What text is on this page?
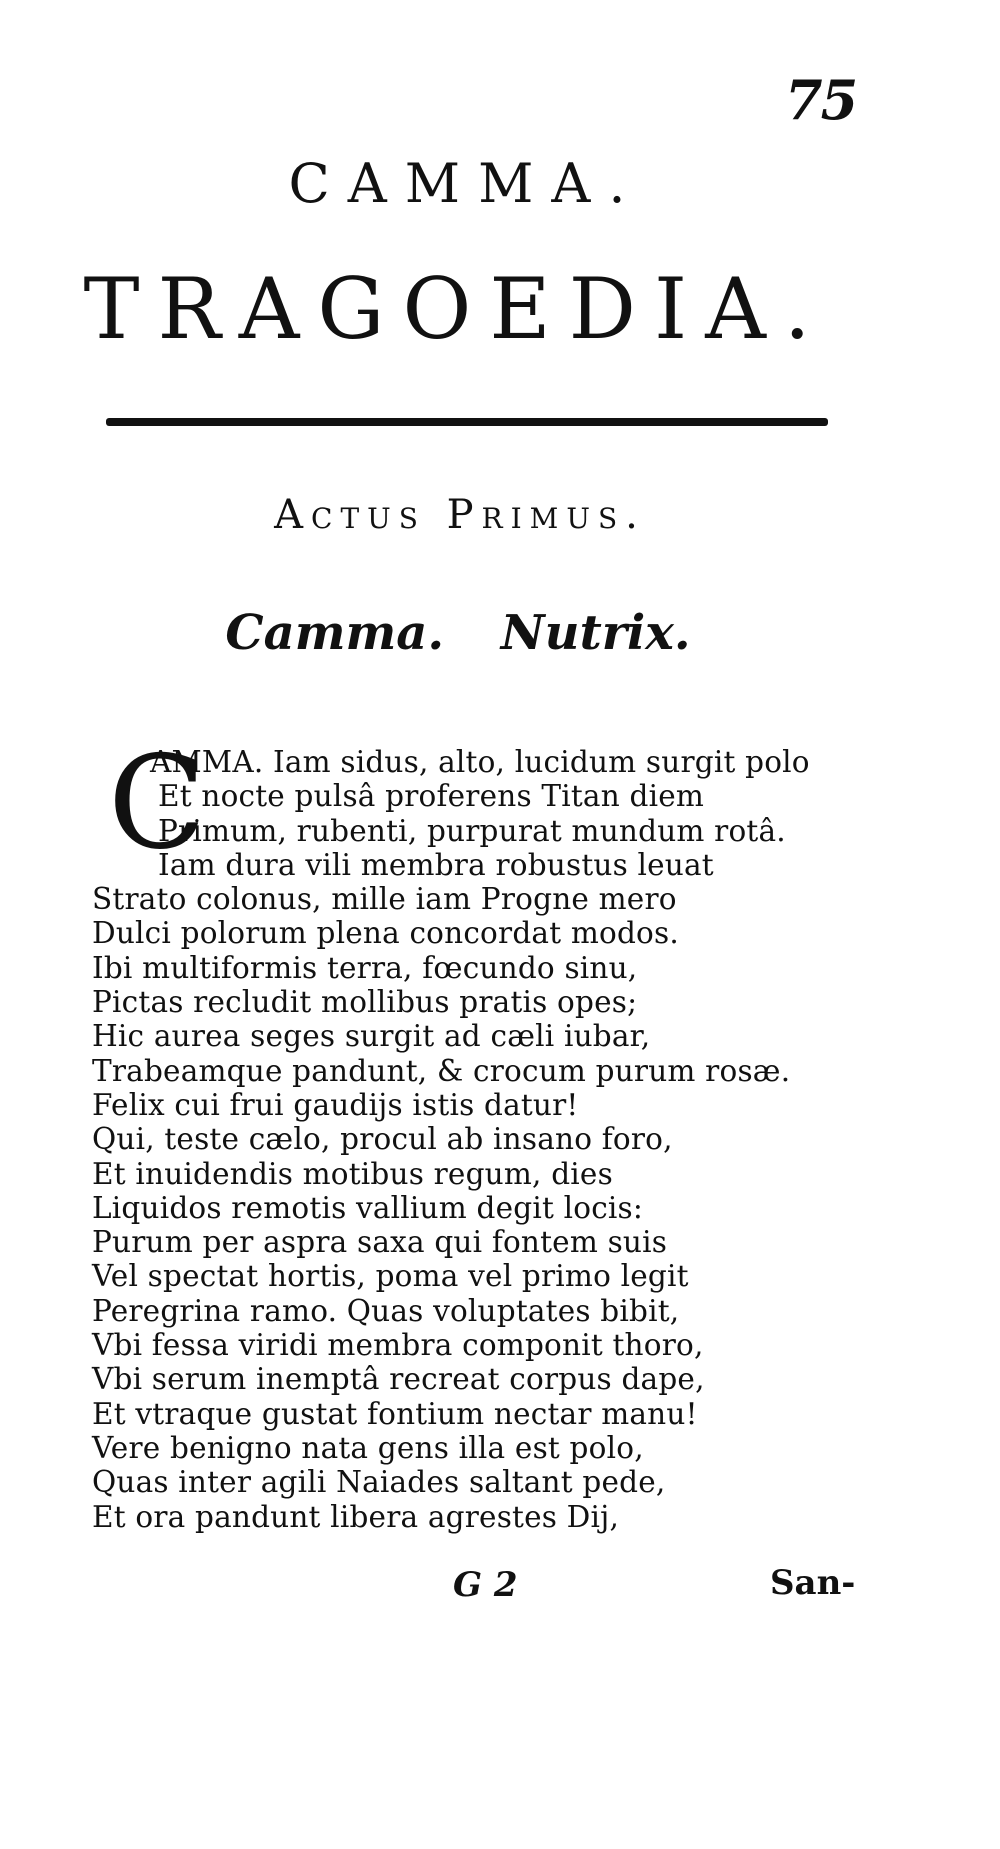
75
CAMMA.
TRAGOEDIA.
Actus Primus.
Camma. Nutrix.
C
AMMA. Iam sidus, alto, lucidum surgit polo
Et nocte pulsâ proferens Titan diem
Primum, rubenti, purpurat mundum rotâ.
Iam dura vili membra robustus leuat
Strato colonus, mille iam Progne mero
Dulci polorum plena concordat modos.
Ibi multiformis terra, fœcundo sinu,
Pictas recludit mollibus pratis opes;
Hic aurea seges surgit ad cæli iubar,
Trabeamque pandunt, & crocum purum rosæ.
Felix cui frui gaudijs istis datur!
Qui, teste cælo, procul ab insano foro,
Et inuidendis motibus regum, dies
Liquidos remotis vallium degit locis:
Purum per aspra saxa qui fontem suis
Vel spectat hortis, poma vel primo legit
Peregrina ramo. Quas voluptates bibit,
Vbi fessa viridi membra componit thoro,
Vbi serum inemptâ recreat corpus dape,
Et vtraque gustat fontium nectar manu!
Vere benigno nata gens illa est polo,
Quas inter agili Naiades saltant pede,
Et ora pandunt libera agrestes Dij,
G 2	San-
